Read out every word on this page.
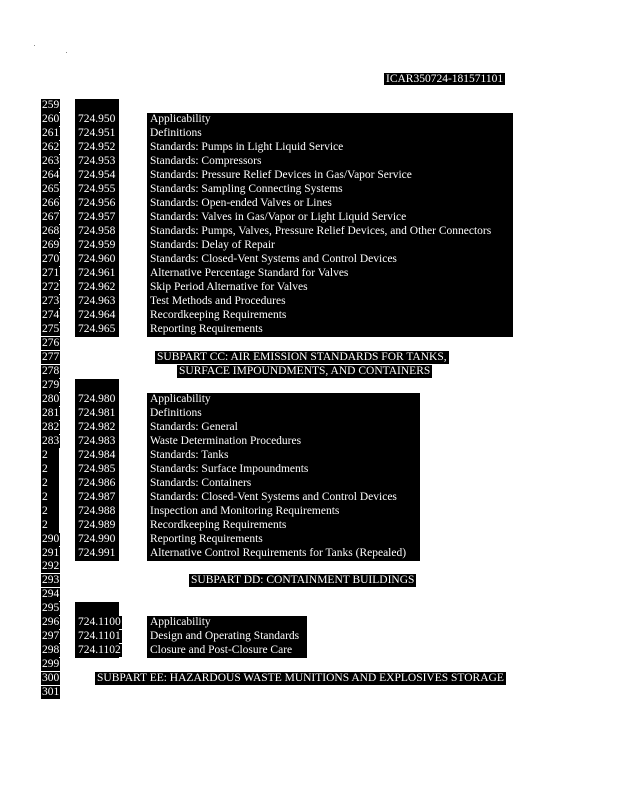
ICAR350724-181571101
259
260 724.950	Applicability
261 724.951	Definitions
262 724.952	Standards: Pumps in Light Liquid Service
263 724.953	Standards: Compressors
264 724.954	Standards: Pressure Relief Devices in Gas/Vapor Service
265 724.955	Standards: Sampling Connecting Systems
266 724.956	Standards: Open-ended Valves or Lines
267 724.957	Standards: Valves in Gas/Vapor or Light Liquid Service
268 724.958	Standards: Pumps, Valves, Pressure Relief Devices, and Other Connectors
269 724.959	Standards: Delay of Repair
270 724.960	Standards: Closed-Vent Systems and Control Devices
271 724.961	Alternative Percentage Standard for Valves
272 724.962	Skip Period Alternative for Valves
273 724.963	Test Methods and Procedures
274 724.964	Recordkeeping Requirements
275 724.965	Reporting Requirements
276
277	SUBPART CC: AIR EMISSION STANDARDS FOR TANKS,
278	SURFACE IMPOUNDMENTS, AND CONTAINERS
279
280 724.980	Applicability
281 724.981	Definitions
282 724.982	Standards: General
283 724.983	Waste Determination Procedures
2	724.984	Standards: Tanks
2	724.985	Standards: Surface Impoundments
2	724.986	Standards: Containers
2	724.987	Standards: Closed-Vent Systems and Control Devices
2	724.988	Inspection and Monitoring Requirements
2	724.989	Recordkeeping Requirements
290 724.990	Reporting Requirements
291 724.991	Alternative Control Requirements for Tanks (Repealed)
292
293	SUBPART DD: CONTAINMENT BUILDINGS
294
295
296 724.1100	Applicability
297 724.1101	Design and Operating Standards
298 724.1102	Closure and Post-Closure Care
299
300	SUBPART EE: HAZARDOUS WASTE MUNITIONS AND EXPLOSIVES STORAGE
301
